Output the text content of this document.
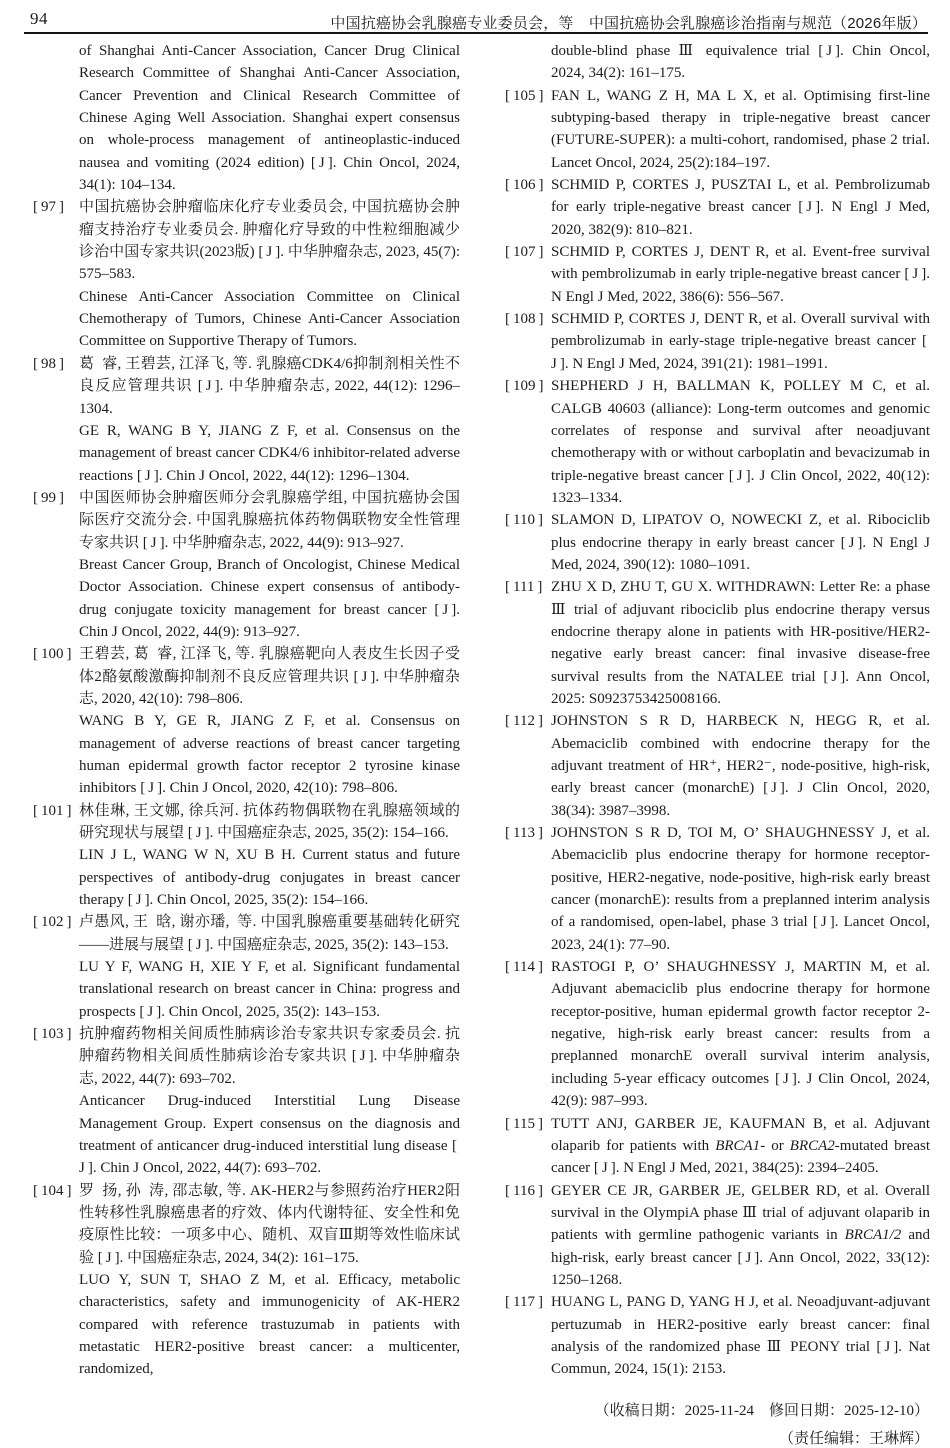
94	中国抗癌协会乳腺癌专业委员会，等　中国抗癌协会乳腺癌诊治指南与规范（2026年版）

of Shanghai Anti-Cancer Association, Cancer Drug Clinical Research Committee of Shanghai Anti-Cancer Association, Cancer Prevention and Clinical Research Committee of Chinese Aging Well Association. Shanghai expert consensus on whole-process management of antineoplastic-induced nausea and vomiting (2024 edition) [ J ]. Chin Oncol, 2024, 34(1): 104–134.

[ 97 ]	中国抗癌协会肿瘤临床化疗专业委员会, 中国抗癌协会肿瘤支持治疗专业委员会. 肿瘤化疗导致的中性粒细胞减少诊治中国专家共识(2023版) [ J ]. 中华肿瘤杂志, 2023, 45(7): 575–583.

Chinese Anti-Cancer Association Committee on Clinical Chemotherapy of Tumors, Chinese Anti-Cancer Association Committee on Supportive Therapy of Tumors.

[ 98 ]	葛 睿, 王碧芸, 江泽飞, 等. 乳腺癌CDK4/6抑制剂相关性不良反应管理共识 [ J ]. 中华肿瘤杂志, 2022, 44(12): 1296–1304.

GE R, WANG B Y, JIANG Z F, et al. Consensus on the management of breast cancer CDK4/6 inhibitor-related adverse reactions [ J ]. Chin J Oncol, 2022, 44(12): 1296–1304.

[ 99 ]	中国医师协会肿瘤医师分会乳腺癌学组, 中国抗癌协会国际医疗交流分会. 中国乳腺癌抗体药物偶联物安全性管理专家共识 [ J ]. 中华肿瘤杂志, 2022, 44(9): 913–927.

Breast Cancer Group, Branch of Oncologist, Chinese Medical Doctor Association. Chinese expert consensus of antibody-drug conjugate toxicity management for breast cancer [ J ]. Chin J Oncol, 2022, 44(9): 913–927.

[ 100 ] 王碧芸, 葛 睿, 江泽飞, 等. 乳腺癌靶向人表皮生长因子受体2酪氨酸激酶抑制剂不良反应管理共识 [ J ]. 中华肿瘤杂志, 2020, 42(10): 798–806.

WANG B Y, GE R, JIANG Z F, et al. Consensus on management of adverse reactions of breast cancer targeting human epidermal growth factor receptor 2 tyrosine kinase inhibitors [ J ]. Chin J Oncol, 2020, 42(10): 798–806.

[ 101 ] 林佳琳, 王文娜, 徐兵河. 抗体药物偶联物在乳腺癌领域的研究现状与展望 [ J ]. 中国癌症杂志, 2025, 35(2): 154–166.

LIN J L, WANG W N, XU B H. Current status and future perspectives of antibody-drug conjugates in breast cancer therapy [ J ]. Chin Oncol, 2025, 35(2): 154–166.

[ 102 ] 卢愚风, 王 晗, 谢亦璠, 等. 中国乳腺癌重要基础转化研究——进展与展望 [ J ]. 中国癌症杂志, 2025, 35(2): 143–153.

LU Y F, WANG H, XIE Y F, et al. Significant fundamental translational research on breast cancer in China: progress and prospects [ J ]. Chin Oncol, 2025, 35(2): 143–153.

[ 103 ] 抗肿瘤药物相关间质性肺病诊治专家共识专家委员会. 抗肿瘤药物相关间质性肺病诊治专家共识 [ J ]. 中华肿瘤杂志, 2022, 44(7): 693–702.

Anticancer Drug-induced Interstitial Lung Disease Management Group. Expert consensus on the diagnosis and treatment of anticancer drug-induced interstitial lung disease [ J ]. Chin J Oncol, 2022, 44(7): 693–702.

[ 104 ] 罗 扬, 孙 涛, 邵志敏, 等. AK-HER2与参照药治疗HER2阳性转移性乳腺癌患者的疗效、体内代谢特征、安全性和免疫原性比较：一项多中心、随机、双盲Ⅲ期等效性临床试验 [ J ]. 中国癌症杂志, 2024, 34(2): 161–175.

LUO Y, SUN T, SHAO Z M, et al. Efficacy, metabolic characteristics, safety and immunogenicity of AK-HER2 compared with reference trastuzumab in patients with metastatic HER2-positive breast cancer: a multicenter, randomized,

double-blind phase Ⅲ equivalence trial [ J ]. Chin Oncol, 2024, 34(2): 161–175.

[ 105 ] FAN L, WANG Z H, MA L X, et al. Optimising first-line subtyping-based therapy in triple-negative breast cancer (FUTURE-SUPER): a multi-cohort, randomised, phase 2 trial. Lancet Oncol, 2024, 25(2):184–197.

[ 106 ] SCHMID P, CORTES J, PUSZTAI L, et al. Pembrolizumab for early triple-negative breast cancer [ J ]. N Engl J Med, 2020, 382(9): 810–821.

[ 107 ] SCHMID P, CORTES J, DENT R, et al. Event-free survival with pembrolizumab in early triple-negative breast cancer [ J ]. N Engl J Med, 2022, 386(6): 556–567.

[ 108 ] SCHMID P, CORTES J, DENT R, et al. Overall survival with pembrolizumab in early-stage triple-negative breast cancer [ J ]. N Engl J Med, 2024, 391(21): 1981–1991.

[ 109 ] SHEPHERD J H, BALLMAN K, POLLEY M C, et al. CALGB 40603 (alliance): Long-term outcomes and genomic correlates of response and survival after neoadjuvant chemotherapy with or without carboplatin and bevacizumab in triple-negative breast cancer [ J ]. J Clin Oncol, 2022, 40(12): 1323–1334.

[ 110 ] SLAMON D, LIPATOV O, NOWECKI Z, et al. Ribociclib plus endocrine therapy in early breast cancer [ J ]. N Engl J Med, 2024, 390(12): 1080–1091.

[ 111 ] ZHU X D, ZHU T, GU X. WITHDRAWN: Letter Re: a phase Ⅲ trial of adjuvant ribociclib plus endocrine therapy versus endocrine therapy alone in patients with HR-positive/HER2-negative early breast cancer: final invasive disease-free survival results from the NATALEE trial [ J ]. Ann Oncol, 2025: S0923753425008166.

[ 112 ] JOHNSTON S R D, HARBECK N, HEGG R, et al. Abemaciclib combined with endocrine therapy for the adjuvant treatment of HR⁺, HER2⁻, node-positive, high-risk, early breast cancer (monarchE) [ J ]. J Clin Oncol, 2020, 38(34): 3987–3998.

[ 113 ] JOHNSTON S R D, TOI M, O’ SHAUGHNESSY J, et al. Abemaciclib plus endocrine therapy for hormone receptor-positive, HER2-negative, node-positive, high-risk early breast cancer (monarchE): results from a preplanned interim analysis of a randomised, open-label, phase 3 trial [ J ]. Lancet Oncol, 2023, 24(1): 77–90.

[ 114 ] RASTOGI P, O’ SHAUGHNESSY J, MARTIN M, et al. Adjuvant abemaciclib plus endocrine therapy for hormone receptor-positive, human epidermal growth factor receptor 2-negative, high-risk early breast cancer: results from a preplanned monarchE overall survival interim analysis, including 5-year efficacy outcomes [ J ]. J Clin Oncol, 2024, 42(9): 987–993.

[ 115 ] TUTT ANJ, GARBER JE, KAUFMAN B, et al. Adjuvant olaparib for patients with BRCA1- or BRCA2-mutated breast cancer [ J ]. N Engl J Med, 2021, 384(25): 2394–2405.

[ 116 ] GEYER CE JR, GARBER JE, GELBER RD, et al. Overall survival in the OlympiA phase Ⅲ trial of adjuvant olaparib in patients with germline pathogenic variants in BRCA1/2 and high-risk, early breast cancer [ J ]. Ann Oncol, 2022, 33(12): 1250–1268.

[ 117 ] HUANG L, PANG D, YANG H J, et al. Neoadjuvant-adjuvant pertuzumab in HER2-positive early breast cancer: final analysis of the randomized phase Ⅲ PEONY trial [ J ]. Nat Commun, 2024, 15(1): 2153.

（收稿日期：2025-11-24　修回日期：2025-12-10）
（责任编辑：王琳辉）
